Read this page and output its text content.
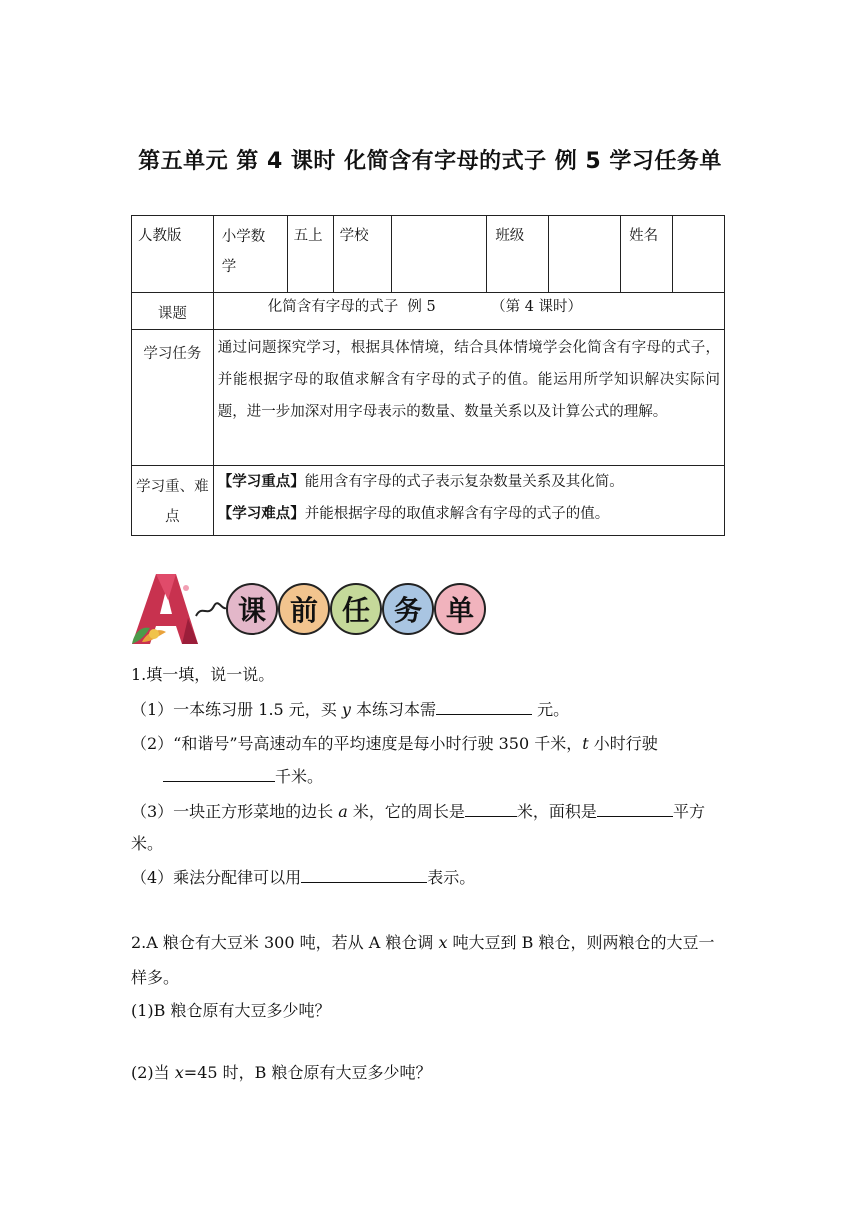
第五单元 第 4 课时 化简含有字母的式子 例 5 学习任务单
人教版	小学数学	五上	学校		班级		姓名	
课题	化简含有字母的式子  例 5            （第 4 课时）							
学习任务	通过问题探究学习，根据具体情境，结合具体情境学会化简含有字母的式子，并能根据字母的取值求解含有字母的式子的值。能运用所学知识解决实际问题，进一步加深对用字母表示的数量、数量关系以及计算公式的理解。							
学习重、难点	【学习重点】能用含有字母的式子表示复杂数量关系及其化简。
【学习难点】并能根据字母的取值求解含有字母的式子的值。							
课 前 任 务 单
1.填一填，说一说。
（1）一本练习册 1.5 元，买 y 本练习本需	元。
（2）“和谐号”号高速动车的平均速度是每小时行驶 350 千米，t 小时行驶
千米。
（3）一块正方形菜地的边长 a 米，它的周长是	米，面积是	平方
米。
（4）乘法分配律可以用	表示。
2.A 粮仓有大豆米 300 吨，若从 A 粮仓调 x 吨大豆到 B 粮仓，则两粮仓的大豆一
样多。
(1)B 粮仓原有大豆多少吨？
(2)当 x=45 时，B 粮仓原有大豆多少吨？
